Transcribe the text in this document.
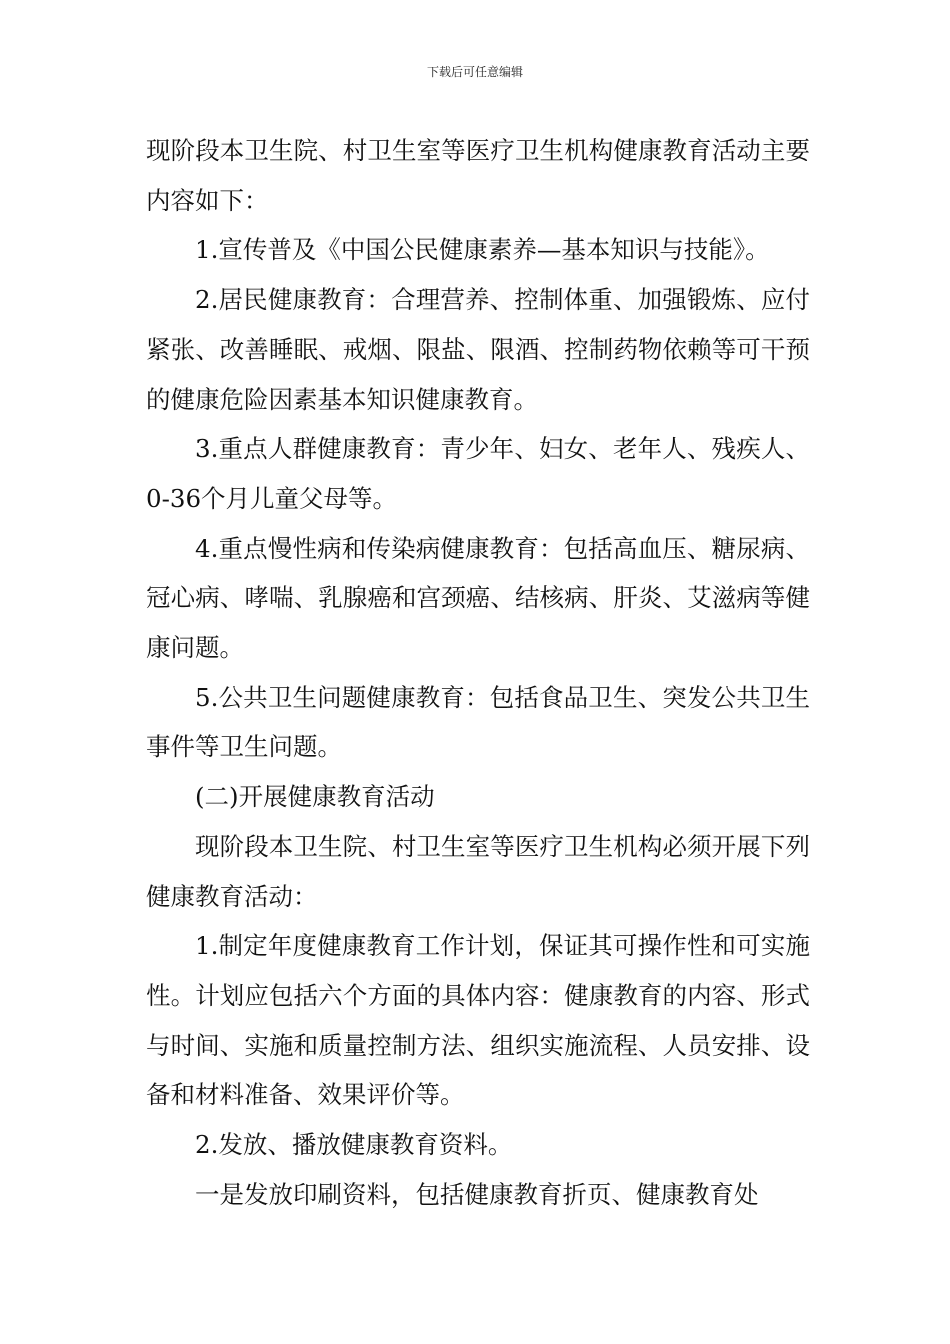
下载后可任意编辑

现阶段本卫生院、村卫生室等医疗卫生机构健康教育活动主要内容如下：

1.宣传普及《中国公民健康素养—基本知识与技能》。

2.居民健康教育：合理营养、控制体重、加强锻炼、应付紧张、改善睡眠、戒烟、限盐、限酒、控制药物依赖等可干预的健康危险因素基本知识健康教育。

3.重点人群健康教育：青少年、妇女、老年人、残疾人、0-36个月儿童父母等。

4.重点慢性病和传染病健康教育：包括高血压、糖尿病、冠心病、哮喘、乳腺癌和宫颈癌、结核病、肝炎、艾滋病等健康问题。

5.公共卫生问题健康教育：包括食品卫生、突发公共卫生事件等卫生问题。

(二)开展健康教育活动

现阶段本卫生院、村卫生室等医疗卫生机构必须开展下列健康教育活动：

1.制定年度健康教育工作计划，保证其可操作性和可实施性。计划应包括六个方面的具体内容：健康教育的内容、形式与时间、实施和质量控制方法、组织实施流程、人员安排、设备和材料准备、效果评价等。

2.发放、播放健康教育资料。

一是发放印刷资料，包括健康教育折页、健康教育处
